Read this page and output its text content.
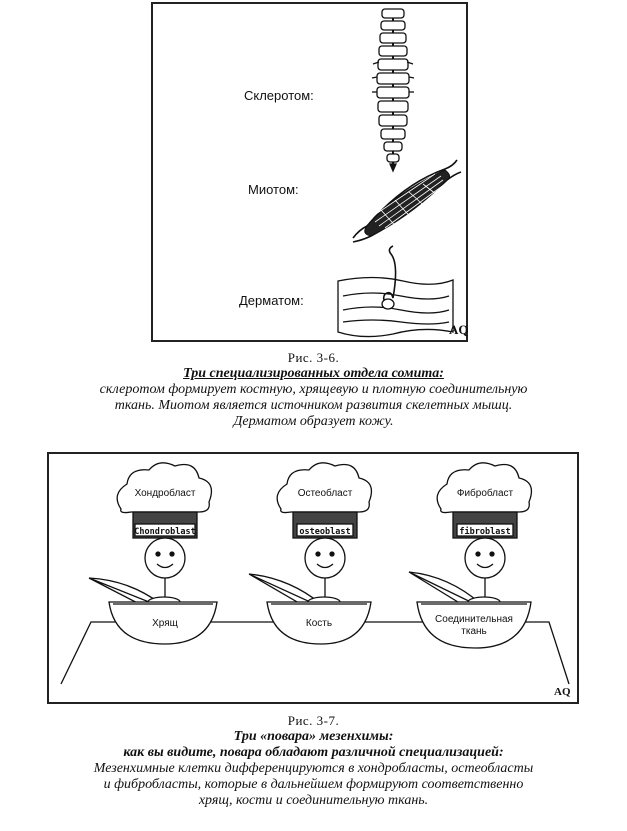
Склеротом:
Миотом:
Дерматом:
AQ
Рис. 3-6.
Три специализированных отдела сомита:
склеротом формирует костную, хрящевую и плотную соединительную
ткань. Миотом является источником развития скелетных мышц.
Дерматом образует кожу.
AQ
Хондробласт
Chondroblast
Хрящ
Остеобласт
osteoblast
Кость
Фибробласт
fibroblast
Соединительная
ткань
Рис. 3-7.
Три «повара» мезенхимы:
как вы видите, повара обладают различной специализацией:
Мезенхимные клетки дифференцируются в хондробласты, остеобласты
и фибробласты, которые в дальнейшем формируют соответственно
хрящ, кости и соединительную ткань.
